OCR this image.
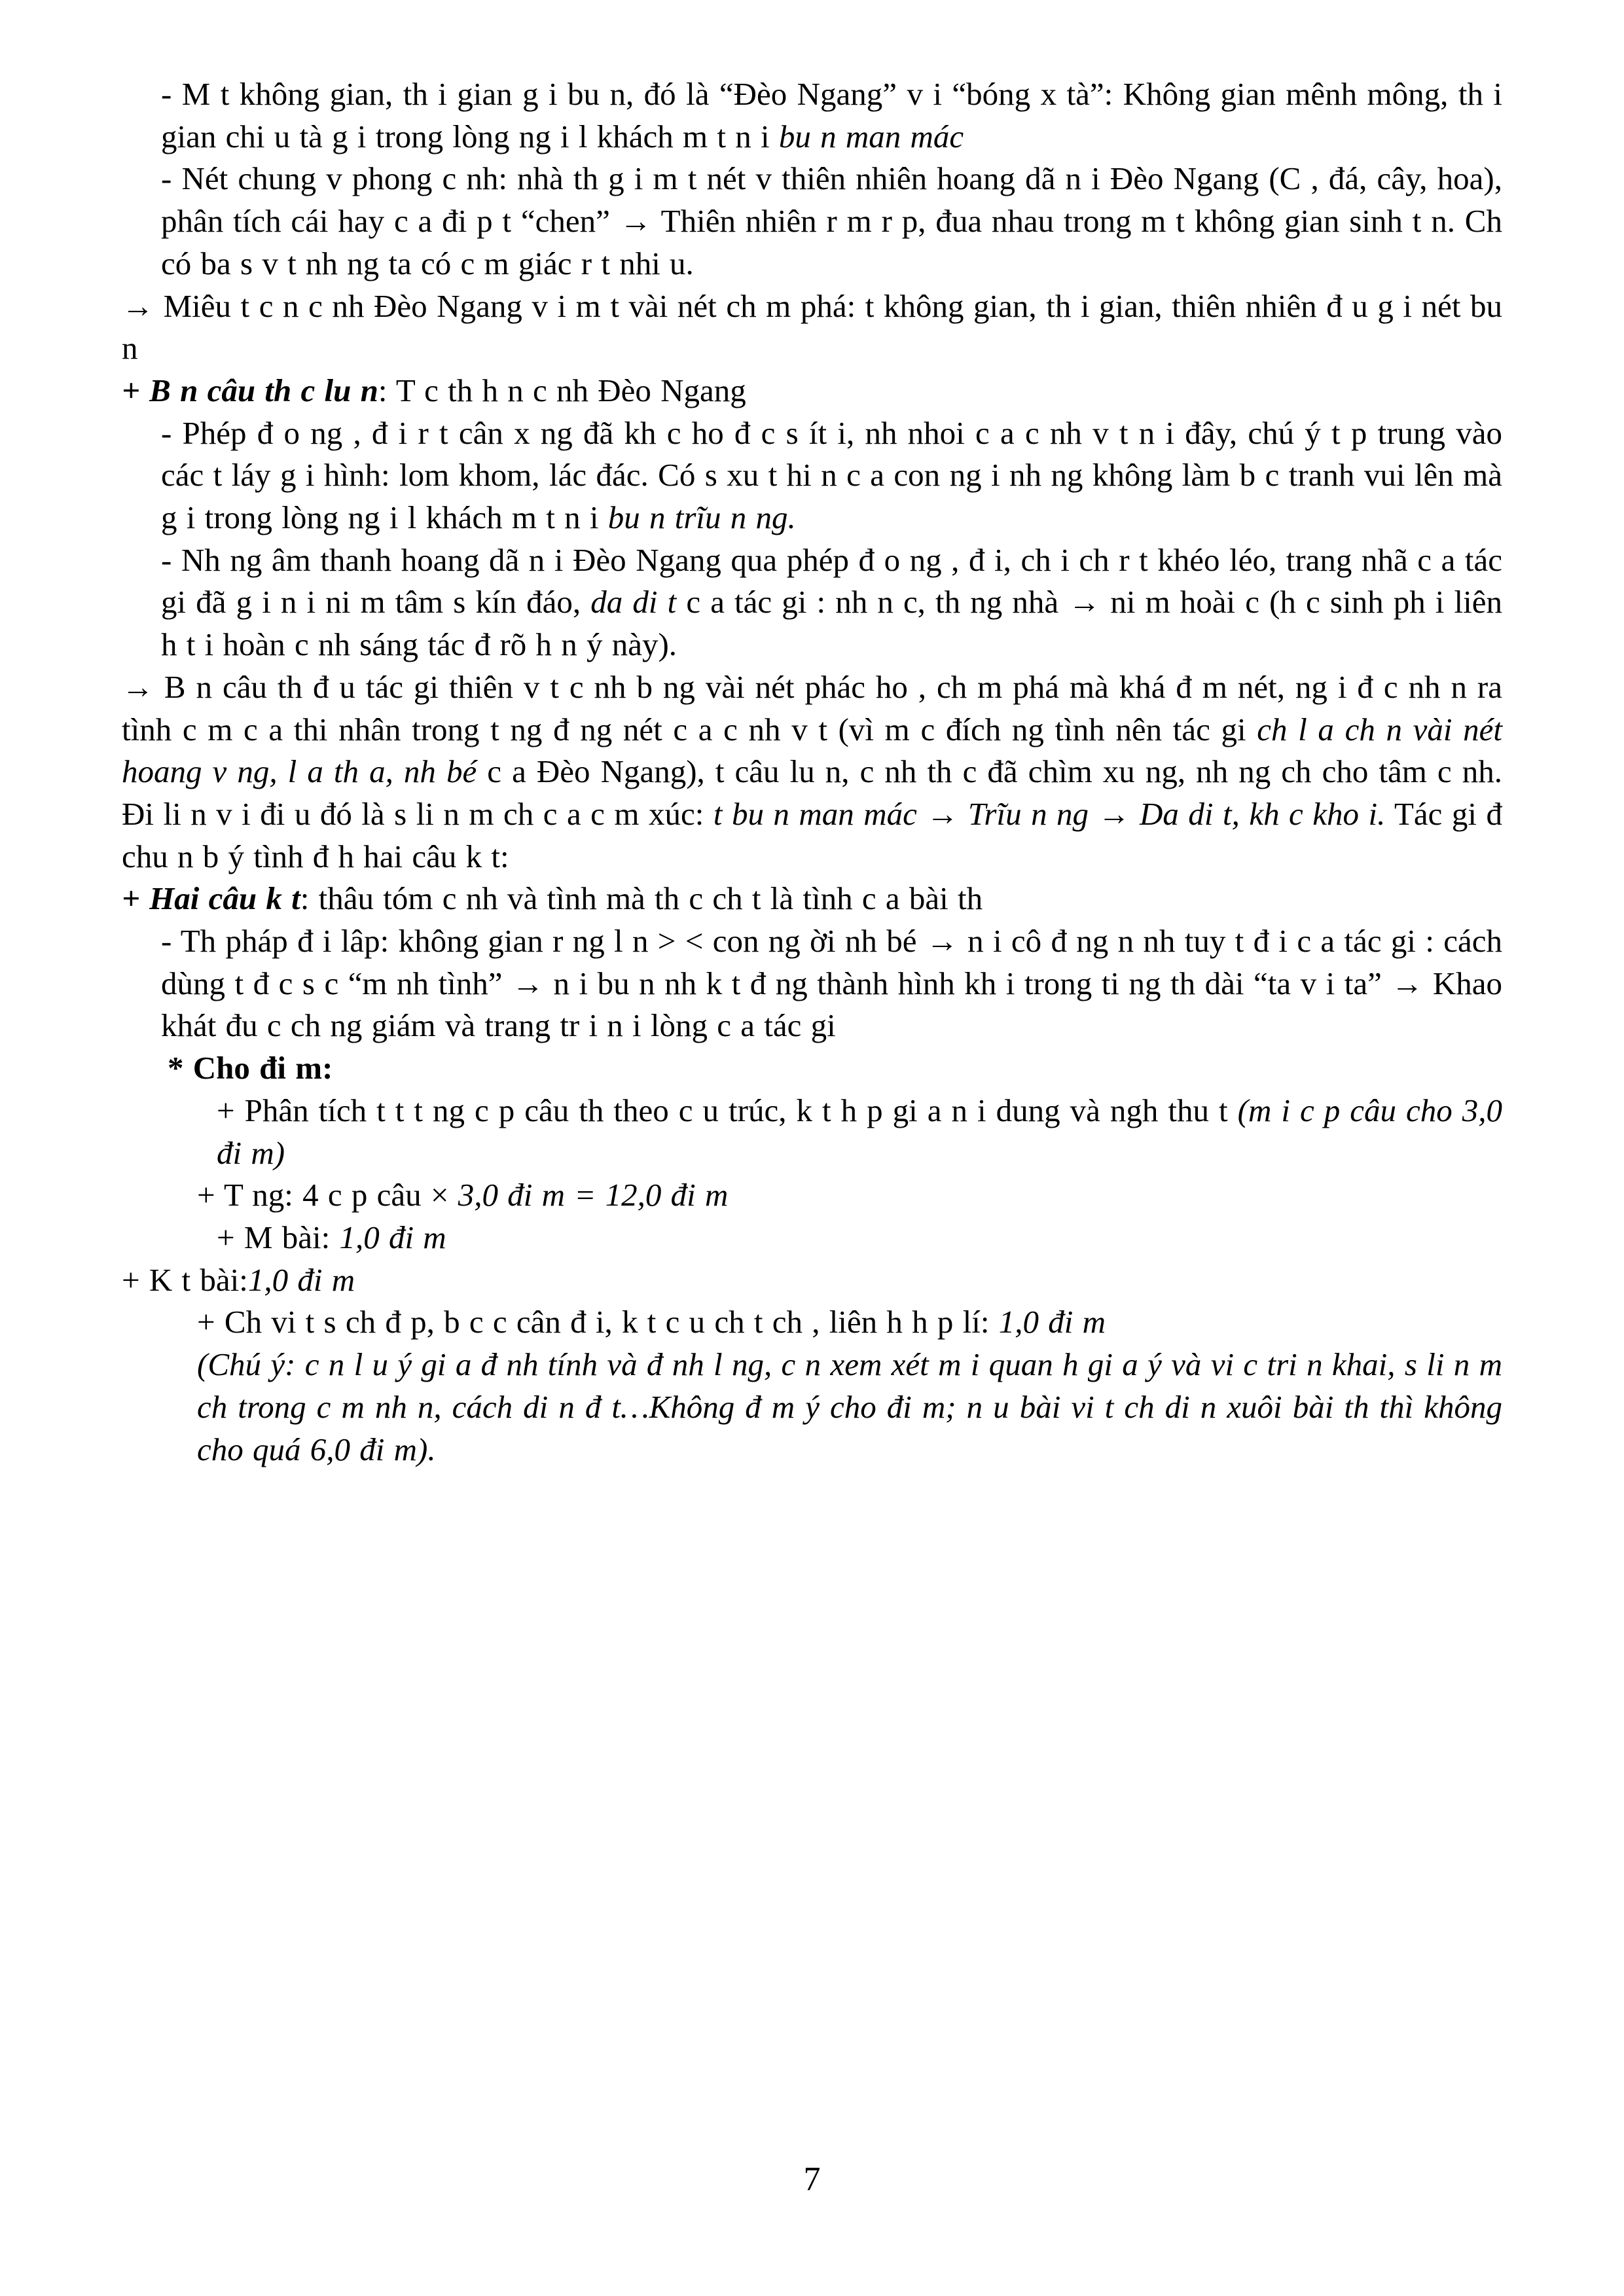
- M t không gian, th i gian g i bu n, đó là “Đèo Ngang” v i “bóng x tà”: Không gian mênh mông, th i gian chi u tà g i trong lòng ng i l khách m t n i bu n man mác

- Nét chung v phong c nh: nhà th g i m t nét v thiên nhiên hoang dã n i Đèo Ngang (C , đá, cây, hoa), phân tích cái hay c a đi p t “chen” → Thiên nhiên r m r p, đua nhau trong m t không gian sinh t n. Ch có ba s v t nh ng ta có c m giác r t nhi u.

→ Miêu t c n c nh Đèo Ngang v i m t vài nét ch m phá: t không gian, th i gian, thiên nhiên đ u g i nét bu n

+ B n câu th c lu n: T c th h n c nh Đèo Ngang

- Phép đ o ng , đ i r t cân x ng đã kh c ho đ c s ít i, nh nhoi c a c nh v t n i đây, chú ý t p trung vào các t láy g i hình: lom khom, lác đác. Có s xu t hi n c a con ng i nh ng không làm b c tranh vui lên mà g i trong lòng ng i l khách m t n i bu n trĩu n ng.

- Nh ng âm thanh hoang dã n i Đèo Ngang qua phép đ o ng , đ i, ch i ch r t khéo léo, trang nhã c a tác gi đã g i n i ni m tâm s kín đáo, da di t c a tác gi : nh n c, th ng nhà → ni m hoài c (h c sinh ph i liên h t i hoàn c nh sáng tác đ rõ h n ý này).

→ B n câu th đ u tác gi thiên v t c nh b ng vài nét phác ho , ch m phá mà khá đ m nét, ng i đ c nh n ra tình c m c a thi nhân trong t ng đ ng nét c a c nh v t (vì m c đích ng tình nên tác gi ch l a ch n vài nét hoang v ng, l a th a, nh bé c a Đèo Ngang), t câu lu n, c nh th c đã chìm xu ng, nh ng ch cho tâm c nh. Đi li n v i đi u đó là s li n m ch c a c m xúc: t bu n man mác → Trĩu n ng → Da di t, kh c kho i. Tác gi đ chu n b ý tình đ h hai câu k t:

+ Hai câu k t: thâu tóm c nh và tình mà th c ch t là tình c a bài th

- Th pháp đ i lâp: không gian r ng l n > < con ng ời nh bé → n i cô đ ng n nh tuy t đ i c a tác gi : cách dùng t đ c s c “m nh tình” → n i bu n nh k t đ ng thành hình kh i trong ti ng th dài “ta v i ta” → Khao khát đu c ch ng giám và trang tr i n i lòng c a tác gi

* Cho đi m:

+ Phân tích t t t ng c p câu th theo c u trúc, k t h p gi a n i dung và ngh thu t (m i c p câu cho 3,0 đi m)

+ T ng: 4 c p câu × 3,0 đi m = 12,0 đi m

+ M bài: 1,0 đi m

+ K t bài:1,0 đi m

+ Ch vi t s ch đ p, b c c cân đ i, k t c u ch t ch , liên h h p lí: 1,0 đi m

(Chú ý: c n l u ý gi a đ nh tính và đ nh l ng, c n xem xét m i quan h gi a ý và vi c tri n khai, s li n m ch trong c m nh n, cách di n đ t…Không đ m ý cho đi m; n u bài vi t ch di n xuôi bài th thì không cho quá 6,0 đi m).

7
